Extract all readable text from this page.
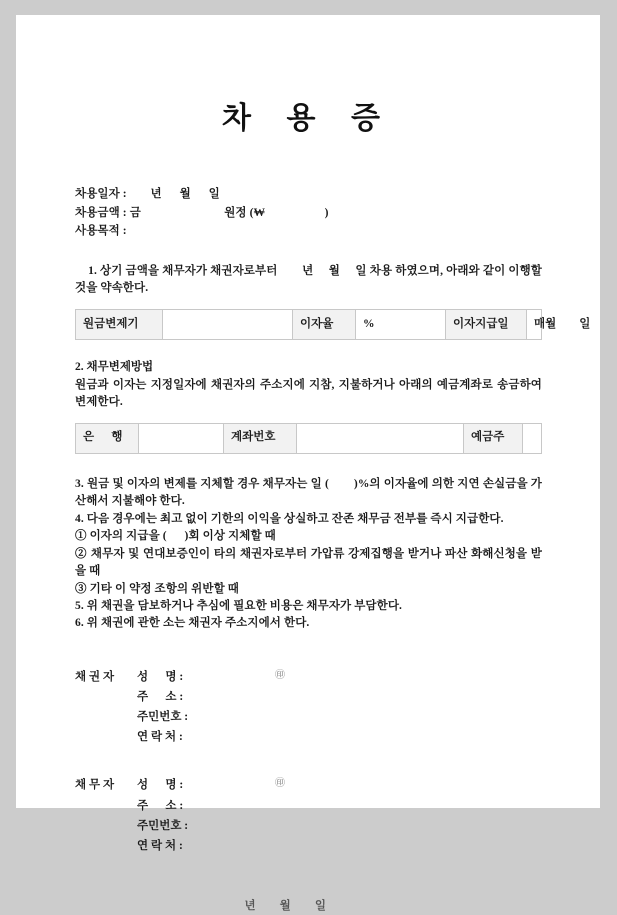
차 용 증
차용일자 :        년      월      일
차용금액 : 금                            원정 (₩                    )
사용목적 :

1. 상기 금액을 채무자가 채권자로부터        년     월     일 차용 하였으며, 아래와 같이 이행할 것을 약속한다.

원금변제기		이자율	%	이자지급일	매월        일
2. 채무변제방법
원금과 이자는 지정일자에 채권자의 주소지에 지참, 지불하거나 아래의 예금계좌로 송금하여 변제한다.
은      행		계좌번호		예금주	

3. 원금 및 이자의 변제를 지체할 경우 채무자는 일 (        )%의 이자율에 의한 지연 손실금을 가산해서 지불해야 한다.

4. 다음 경우에는 최고 없이 기한의 이익을 상실하고 잔존 채무금 전부를 즉시 지급한다.

① 이자의 지급을 (      )회 이상 지체할 때

② 채무자 및 연대보증인이 타의 채권자로부터 가압류 강제집행을 받거나 파산 화해신청을 받을 때

③ 기타 이 약정 조항의 위반할 때

5. 위 채권을 담보하거나 추심에 필요한 비용은 채무자가 부담한다.

6. 위 채권에 관한 소는 채권자 주소지에서 한다.

채 권 자	성      명 :	㊞
주      소 :
주민번호 :
연 락 처 :
채 무 자	성      명 :	㊞
주      소 :
주민번호 :
연 락 처 :
년       월       일
